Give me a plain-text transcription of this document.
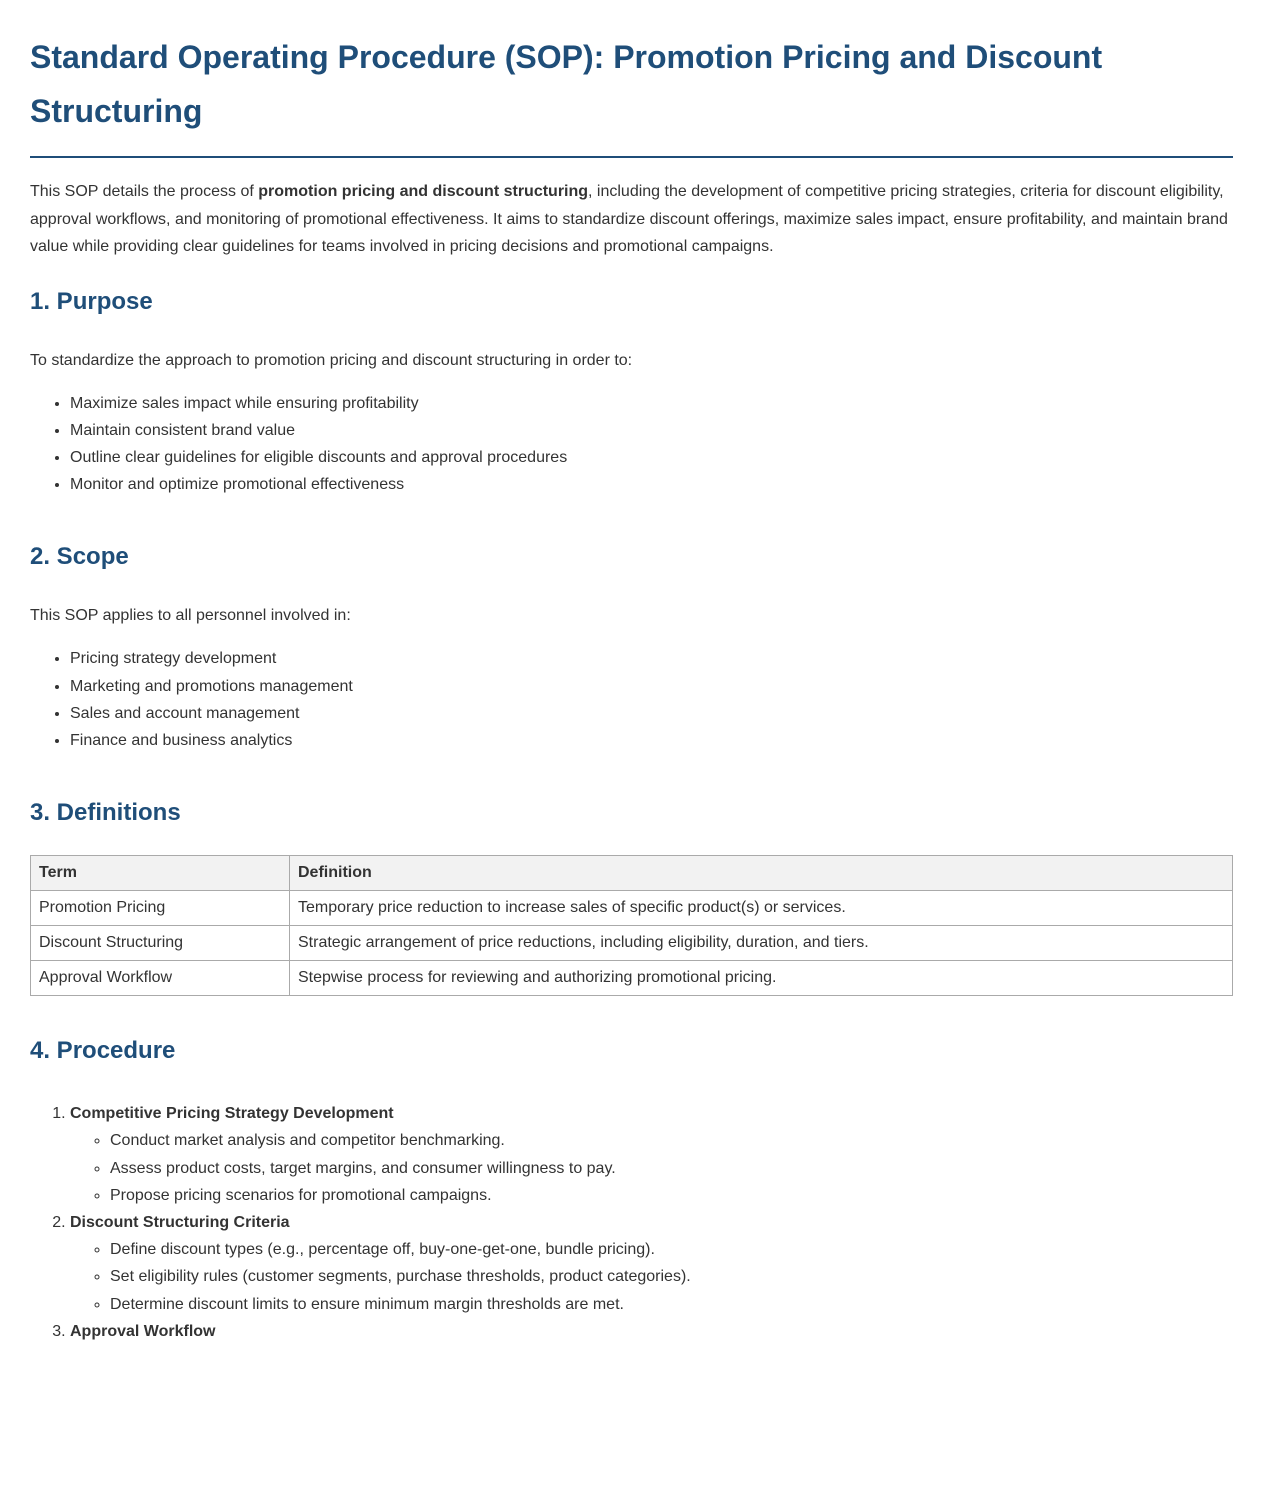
Standard Operating Procedure (SOP): Promotion Pricing and Discount Structuring

This SOP details the process of promotion pricing and discount structuring, including the development of competitive pricing strategies, criteria for discount eligibility, approval workflows, and monitoring of promotional effectiveness. It aims to standardize discount offerings, maximize sales impact, ensure profitability, and maintain brand value while providing clear guidelines for teams involved in pricing decisions and promotional campaigns.

1. Purpose

To standardize the approach to promotion pricing and discount structuring in order to:

• Maximize sales impact while ensuring profitability
• Maintain consistent brand value
• Outline clear guidelines for eligible discounts and approval procedures
• Monitor and optimize promotional effectiveness
2. Scope

This SOP applies to all personnel involved in:

• Pricing strategy development
• Marketing and promotions management
• Sales and account management
• Finance and business analytics
3. Definitions
Term	Definition
Promotion Pricing	Temporary price reduction to increase sales of specific product(s) or services.
Discount Structuring	Strategic arrangement of price reductions, including eligibility, duration, and tiers.
Approval Workflow	Stepwise process for reviewing and authorizing promotional pricing.
4. Procedure
1. Competitive Pricing Strategy Development
◦ Conduct market analysis and competitor benchmarking.
◦ Assess product costs, target margins, and consumer willingness to pay.
◦ Propose pricing scenarios for promotional campaigns.
2. Discount Structuring Criteria
◦ Define discount types (e.g., percentage off, buy-one-get-one, bundle pricing).
◦ Set eligibility rules (customer segments, purchase thresholds, product categories).
◦ Determine discount limits to ensure minimum margin thresholds are met.
3. Approval Workflow
